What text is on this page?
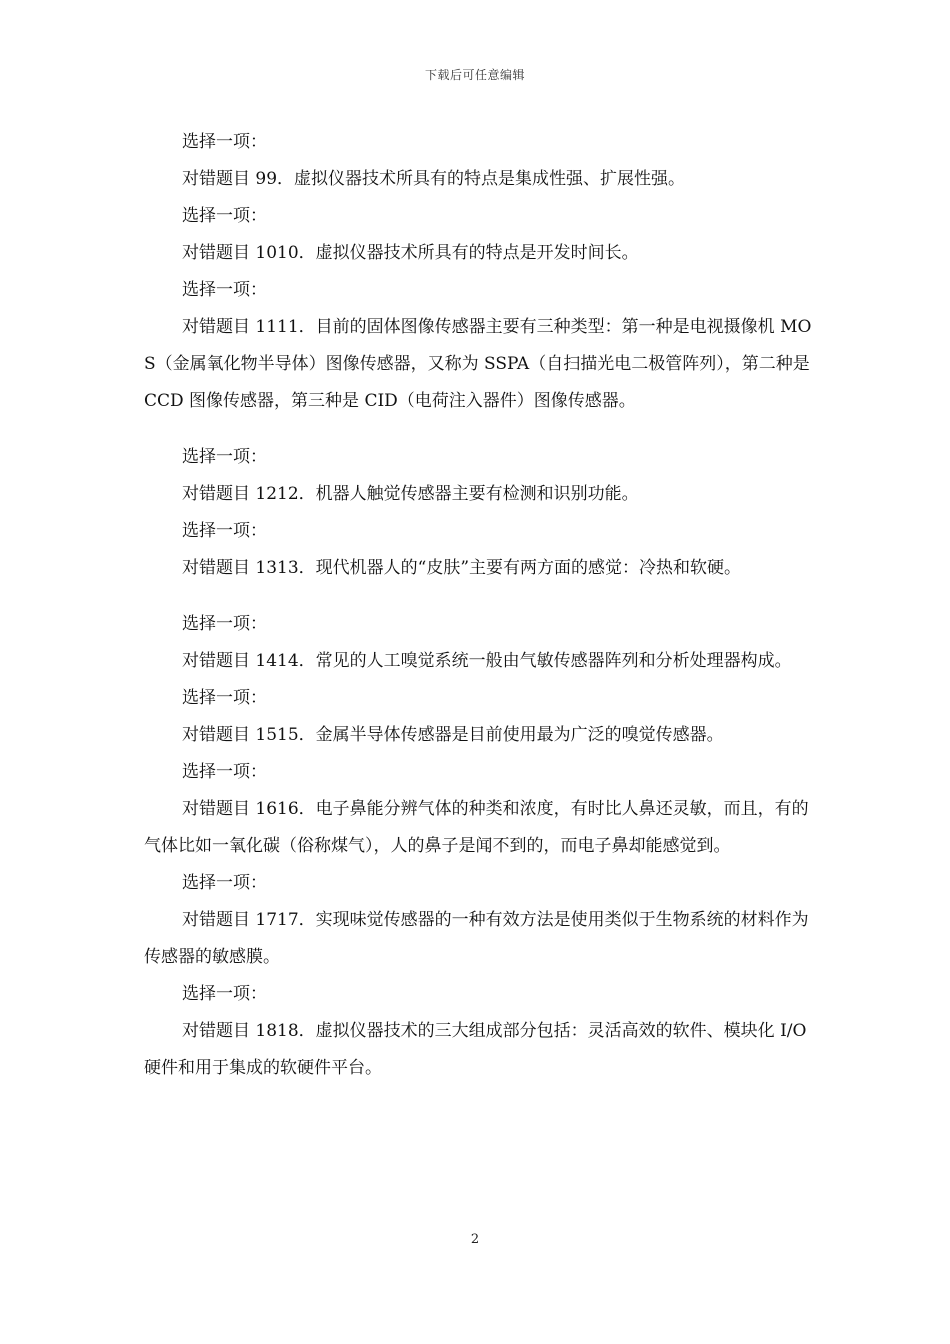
下载后可任意编辑

选择一项：

对错题目 99．虚拟仪器技术所具有的特点是集成性强、扩展性强。

选择一项：

对错题目 1010．虚拟仪器技术所具有的特点是开发时间长。

选择一项：

对错题目 1111．目前的固体图像传感器主要有三种类型：第一种是电视摄像机 MOS（金属氧化物半导体）图像传感器，又称为 SSPA（自扫描光电二极管阵列），第二种是 CCD 图像传感器，第三种是 CID（电荷注入器件）图像传感器。

选择一项：

对错题目 1212．机器人触觉传感器主要有检测和识别功能。

选择一项：

对错题目 1313．现代机器人的“皮肤”主要有两方面的感觉：冷热和软硬。

选择一项：

对错题目 1414．常见的人工嗅觉系统一般由气敏传感器阵列和分析处理器构成。

选择一项：

对错题目 1515．金属半导体传感器是目前使用最为广泛的嗅觉传感器。

选择一项：

对错题目 1616．电子鼻能分辨气体的种类和浓度，有时比人鼻还灵敏，而且，有的气体比如一氧化碳（俗称煤气），人的鼻子是闻不到的，而电子鼻却能感觉到。

选择一项：

对错题目 1717．实现味觉传感器的一种有效方法是使用类似于生物系统的材料作为传感器的敏感膜。

选择一项：

对错题目 1818．虚拟仪器技术的三大组成部分包括：灵活高效的软件、模块化 I/O 硬件和用于集成的软硬件平台。

2
